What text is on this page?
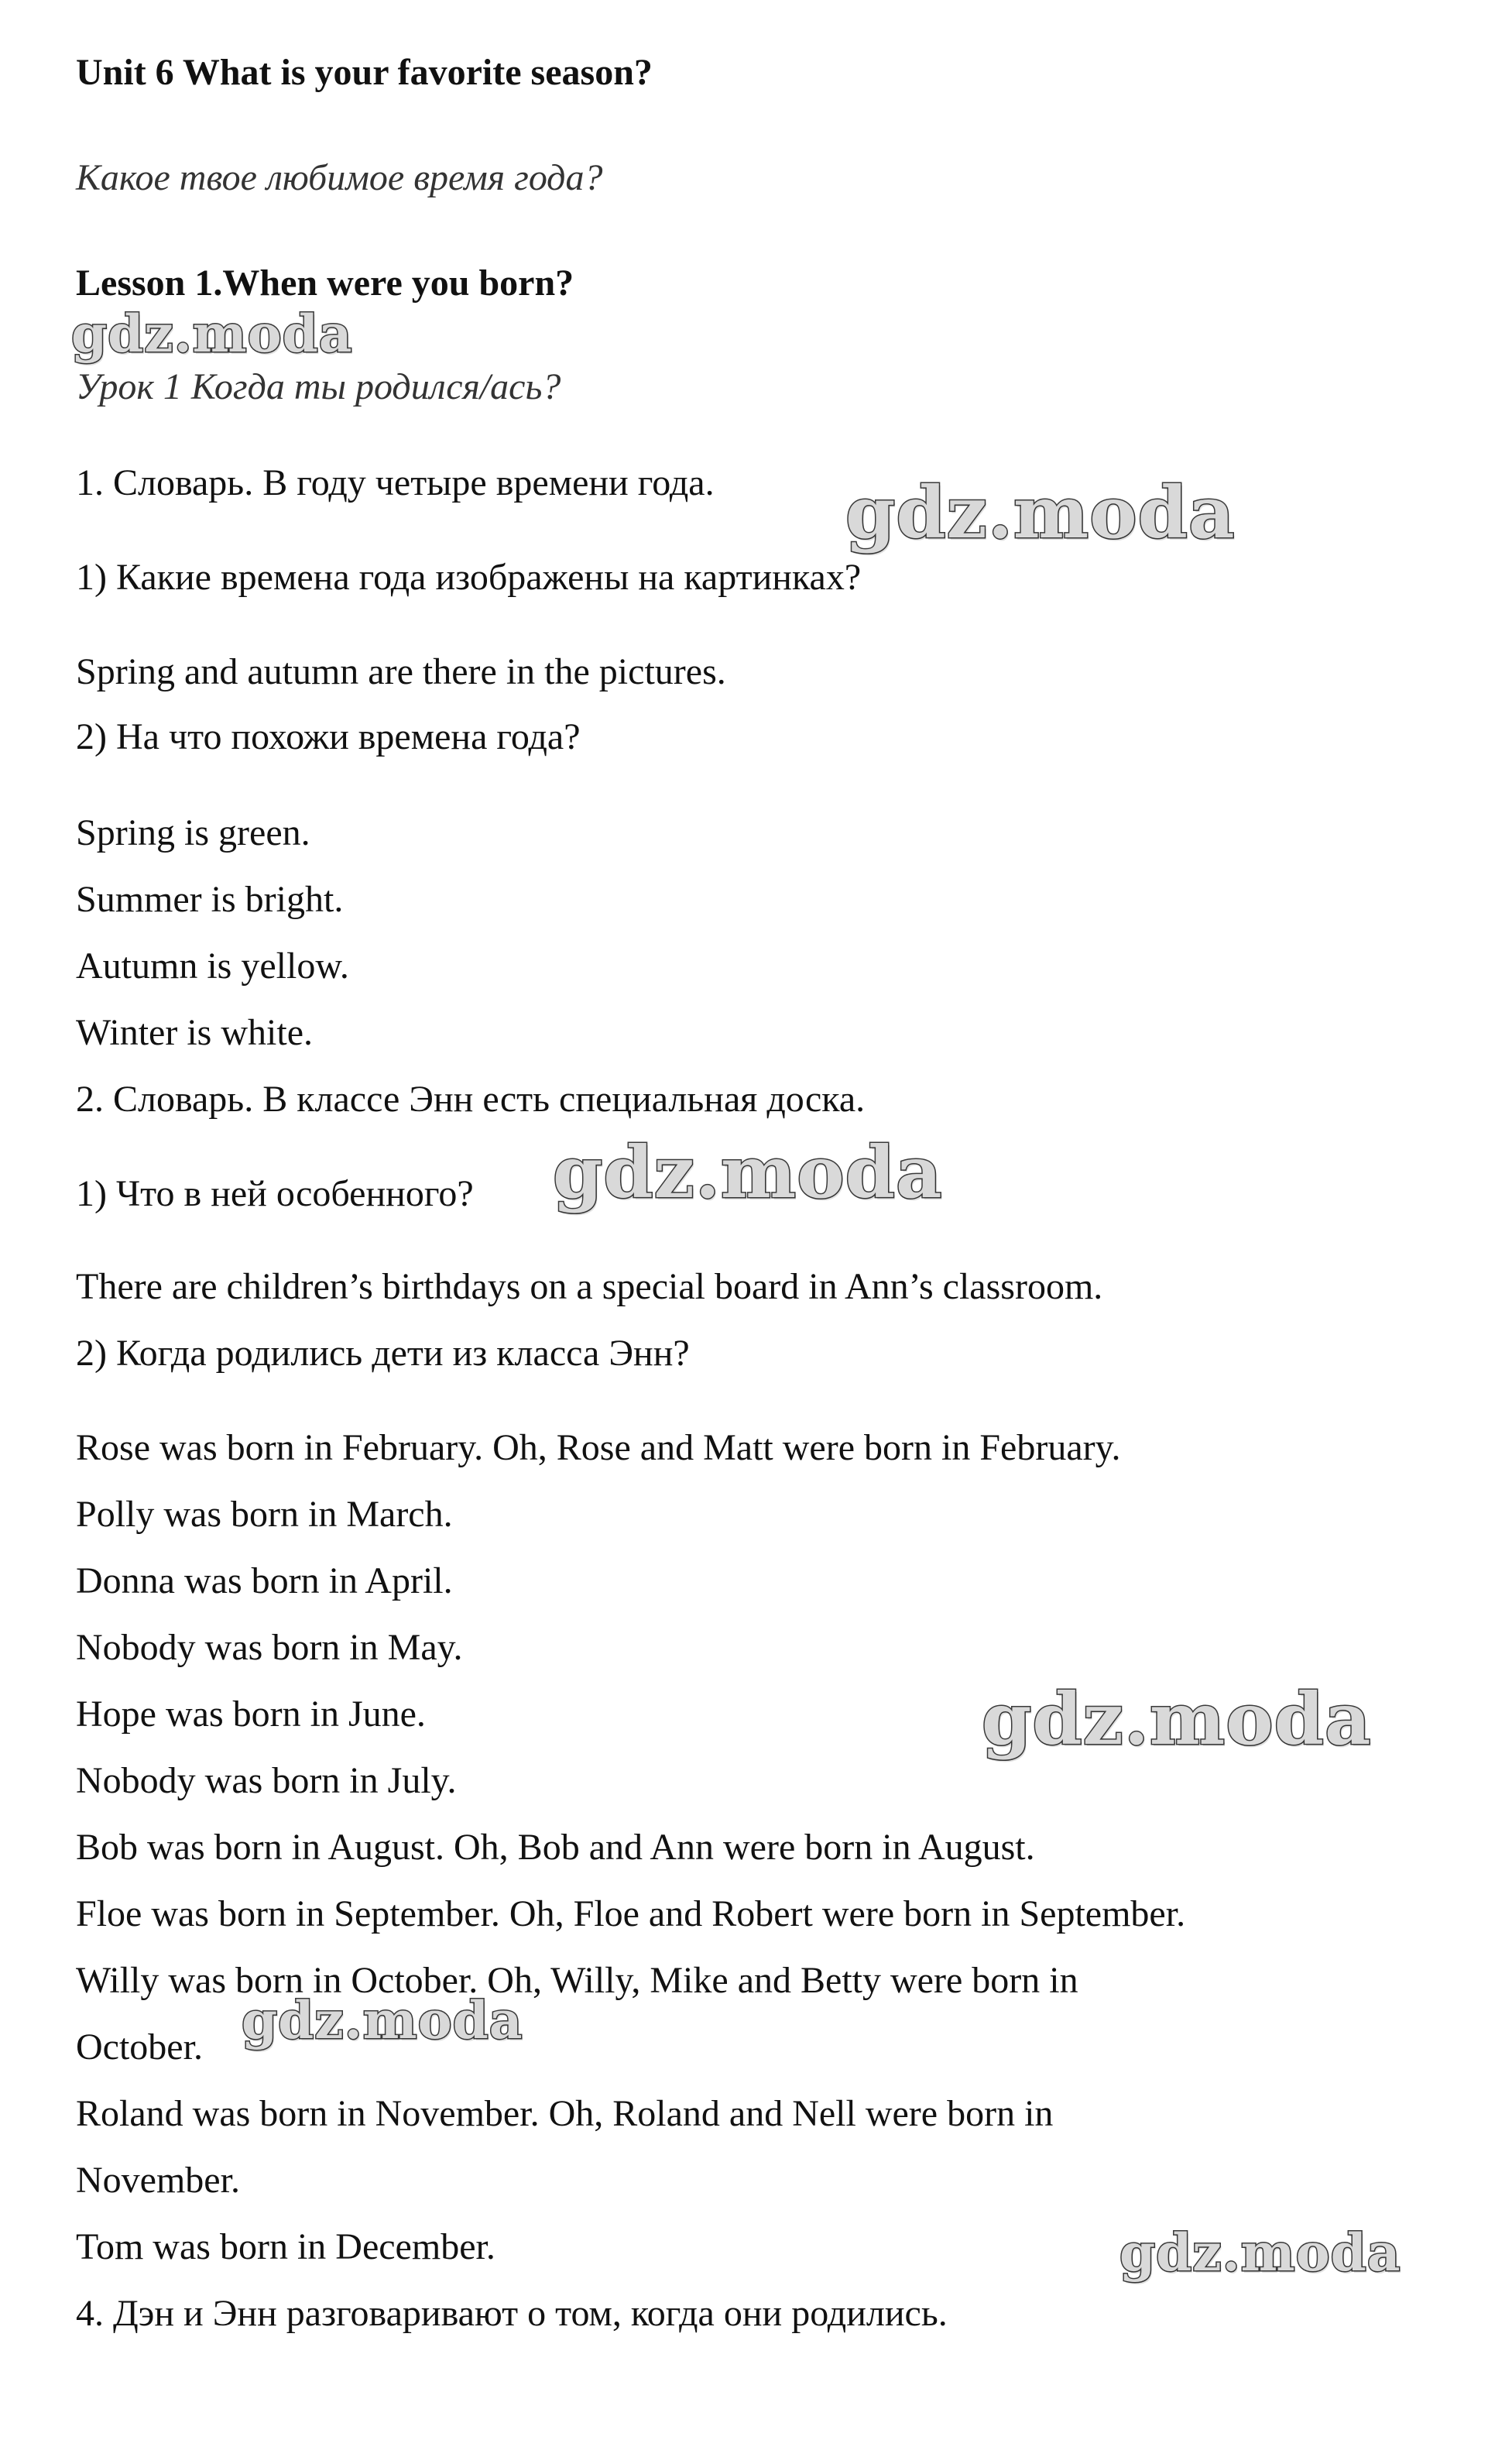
Unit 6 What is your favorite season?
Какое твое любимое время года?
Lesson 1.When were you born?
Урок 1 Когда ты родился/ась?
1. Словарь. В году четыре времени года.
1) Какие времена года изображены на картинках?
Spring and autumn are there in the pictures.
2) На что похожи времена года?
Spring is green.
Summer is bright.
Autumn is yellow.
Winter is white.
2. Словарь. В классе Энн есть специальная доска.
1) Что в ней особенного?
There are children’s birthdays on a special board in Ann’s classroom.
2) Когда родились дети из класса Энн?
Rose was born in February. Oh, Rose and Matt were born in February.
Polly was born in March.
Donna was born in April.
Nobody was born in May.
Hope was born in June.
Nobody was born in July.
Bob was born in August. Oh, Bob and Ann were born in August.
Floe was born in September. Oh, Floe and Robert were born in September.
Willy was born in October. Oh, Willy, Mike and Betty were born in
October.
Roland was born in November. Oh, Roland and Nell were born in
November.
Tom was born in December.
4. Дэн и Энн разговаривают о том, когда они родились.
gdz.moda
gdz.moda
gdz.moda
gdz.moda
gdz.moda
gdz.moda
